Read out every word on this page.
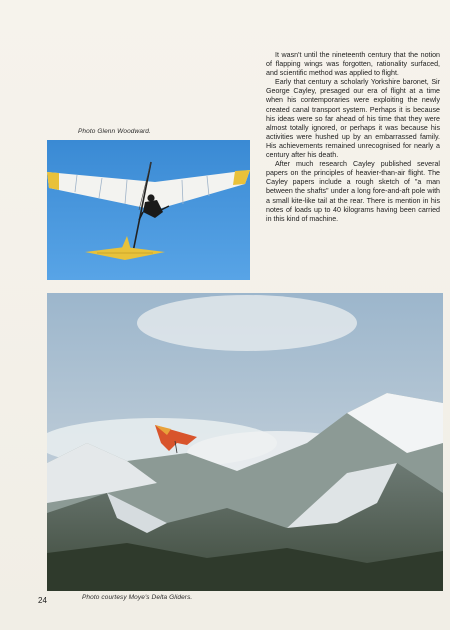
Photo Glenn Woodward.

It wasn't until the nineteenth century that the notion of flapping wings was forgotten, rationality surfaced, and scientific method was applied to flight.

Early that century a scholarly Yorkshire baronet, Sir George Cayley, presaged our era of flight at a time when his contemporaries were exploiting the newly created canal transport system. Perhaps it is because his ideas were so far ahead of his time that they were almost totally ignored, or perhaps it was because his activities were hushed up by an embarrassed family. His achievements remained unrecognised for nearly a century after his death.

After much research Cayley published several papers on the principles of heavier-than-air flight. The Cayley papers include a rough sketch of "a man between the shafts" under a long fore-and-aft pole with a small kite-like tail at the rear. There is mention in his notes of loads up to 40 kilograms having been carried in this kind of machine.

24	Photo courtesy Moye's Delta Gliders.
